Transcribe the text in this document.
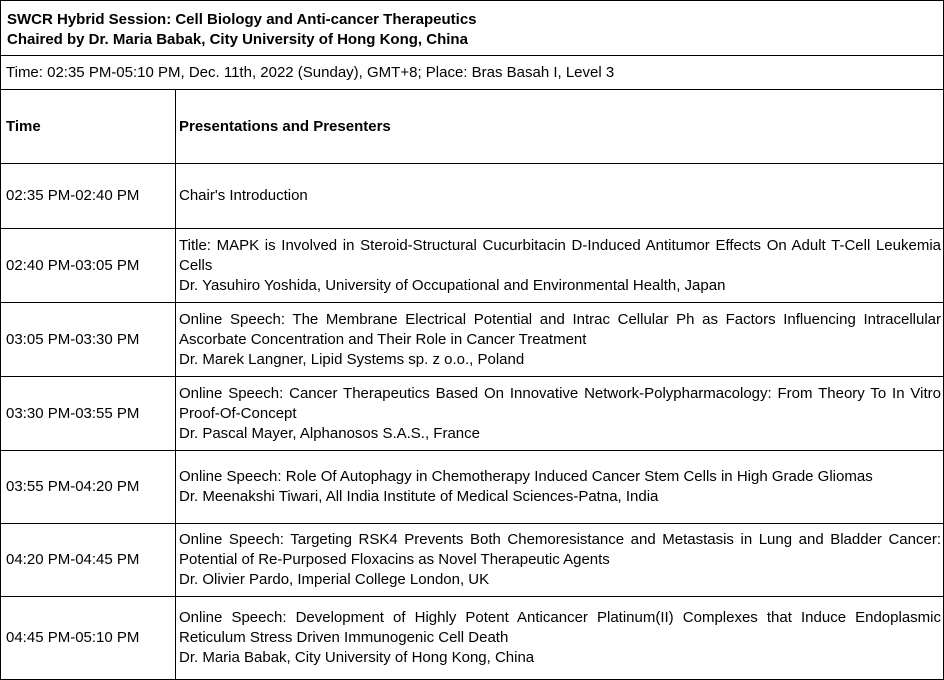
SWCR Hybrid Session: Cell Biology and Anti-cancer Therapeutics
Chaired by Dr. Maria Babak, City University of Hong Kong, China
Time: 02:35 PM-05:10 PM, Dec. 11th, 2022 (Sunday), GMT+8; Place: Bras Basah I, Level 3
Time	Presentations and Presenters
02:35 PM-02:40 PM	Chair's Introduction
02:40 PM-03:05 PM
Title: MAPK is Involved in Steroid-Structural Cucurbitacin D-Induced Antitumor Effects On Adult T-Cell Leukemia Cells
Dr. Yasuhiro Yoshida, University of Occupational and Environmental Health, Japan
03:05 PM-03:30 PM
Online Speech: The Membrane Electrical Potential and Intrac Cellular Ph as Factors Influencing Intracellular Ascorbate Concentration and Their Role in Cancer Treatment
Dr. Marek Langner, Lipid Systems sp. z o.o., Poland
03:30 PM-03:55 PM
Online Speech: Cancer Therapeutics Based On Innovative Network-Polypharmacology: From Theory To In Vitro Proof-Of-Concept
Dr. Pascal Mayer, Alphanosos S.A.S., France
03:55 PM-04:20 PM
Online Speech: Role Of Autophagy in Chemotherapy Induced Cancer Stem Cells in High Grade Gliomas
Dr. Meenakshi Tiwari, All India Institute of Medical Sciences-Patna, India
04:20 PM-04:45 PM
Online Speech: Targeting RSK4 Prevents Both Chemoresistance and Metastasis in Lung and Bladder Cancer: Potential of Re-Purposed Floxacins as Novel Therapeutic Agents
Dr. Olivier Pardo, Imperial College London, UK
04:45 PM-05:10 PM
Online Speech: Development of Highly Potent Anticancer Platinum(II) Complexes that Induce Endoplasmic Reticulum Stress Driven Immunogenic Cell Death
Dr. Maria Babak, City University of Hong Kong, China
